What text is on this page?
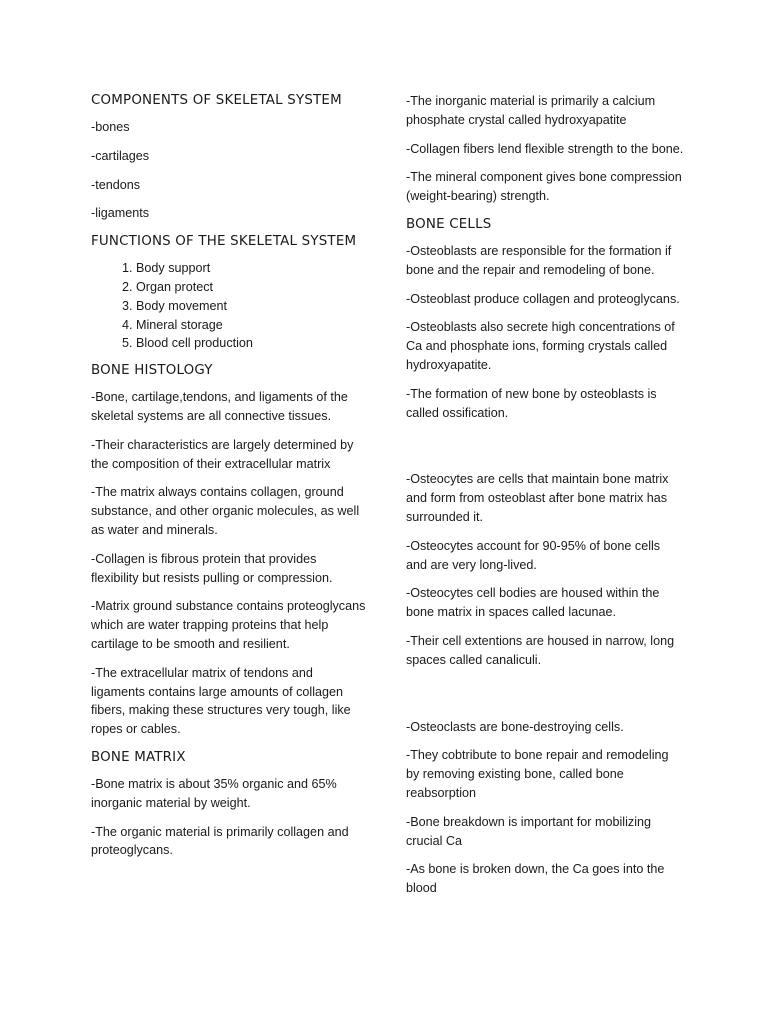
COMPONENTS OF SKELETAL SYSTEM

-bones

-cartilages

-tendons

-ligaments

FUNCTIONS OF THE SKELETAL SYSTEM
1. Body support
2. Organ protect
3. Body movement
4. Mineral storage
5. Blood cell production
BONE HISTOLOGY

-Bone, cartilage,tendons, and ligaments of the skeletal systems are all connective tissues.

-Their characteristics are largely determined by the composition of their extracellular matrix

-The matrix always contains collagen, ground substance, and other organic molecules, as well as water and minerals.

-Collagen is fibrous protein that provides flexibility but resists pulling or compression.

-Matrix ground substance contains proteoglycans which are water trapping proteins that help cartilage to be smooth and resilient.

-The extracellular matrix of tendons and ligaments contains large amounts of collagen fibers, making these structures very tough, like ropes or cables.

BONE MATRIX

-Bone matrix is about 35% organic and 65% inorganic material by weight.

-The organic material is primarily collagen and proteoglycans.

-The inorganic material is primarily a calcium phosphate crystal called hydroxyapatite

-Collagen fibers lend flexible strength to the bone.

-The mineral component gives bone compression (weight-bearing) strength.

BONE CELLS

-Osteoblasts are responsible for the formation if bone and the repair and remodeling of bone.

-Osteoblast produce collagen and proteoglycans.

-Osteoblasts also secrete high concentrations of Ca and phosphate ions, forming crystals called hydroxyapatite.

-The formation of new bone by osteoblasts is called ossification.

-Osteocytes are cells that maintain bone matrix and form from osteoblast after bone matrix has surrounded it.

-Osteocytes account for 90-95% of bone cells and are very long-lived.

-Osteocytes cell bodies are housed within the bone matrix in spaces called lacunae.

-Their cell extentions are housed in narrow, long spaces called canaliculi.

-Osteoclasts are bone-destroying cells.

-They cobtribute to bone repair and remodeling by removing existing bone, called bone reabsorption

-Bone breakdown is important for mobilizing crucial Ca

-As bone is broken down, the Ca goes into the blood
